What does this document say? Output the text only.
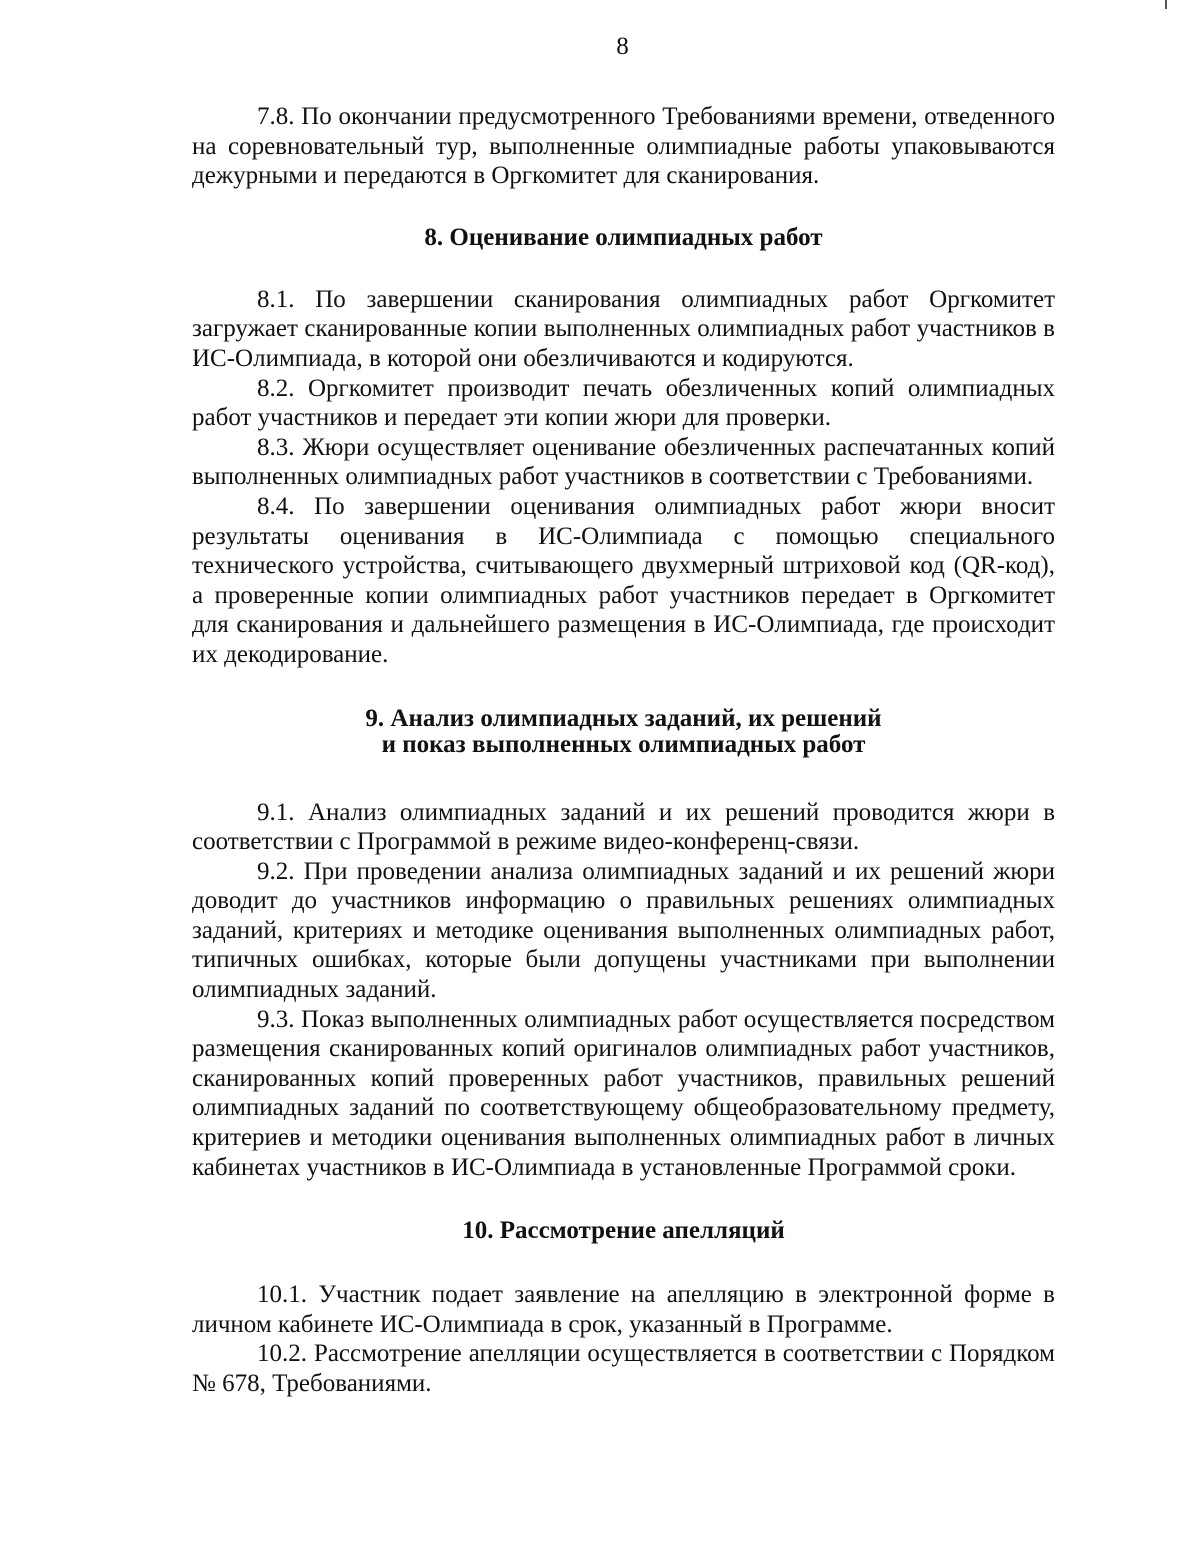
8

7.8. По окончании предусмотренного Требованиями времени, отведенного на соревновательный тур, выполненные олимпиадные работы упаковываются дежурными и передаются в Оргкомитет для сканирования.

8. Оценивание олимпиадных работ

8.1. По завершении сканирования олимпиадных работ Оргкомитет загружает сканированные копии выполненных олимпиадных работ участников в ИС-Олимпиада, в которой они обезличиваются и кодируются.

8.2. Оргкомитет производит печать обезличенных копий олимпиадных работ участников и передает эти копии жюри для проверки.

8.3. Жюри осуществляет оценивание обезличенных распечатанных копий выполненных олимпиадных работ участников в соответствии с Требованиями.

8.4. По завершении оценивания олимпиадных работ жюри вносит результаты оценивания в ИС-Олимпиада с помощью специального технического устройства, считывающего двухмерный штриховой код (QR-код), а проверенные копии олимпиадных работ участников передает в Оргкомитет для сканирования и дальнейшего размещения в ИС-Олимпиада, где происходит их декодирование.

9. Анализ олимпиадных заданий, их решений
и показ выполненных олимпиадных работ

9.1. Анализ олимпиадных заданий и их решений проводится жюри в соответствии с Программой в режиме видео-конференц-связи.

9.2. При проведении анализа олимпиадных заданий и их решений жюри доводит до участников информацию о правильных решениях олимпиадных заданий, критериях и методике оценивания выполненных олимпиадных работ, типичных ошибках, которые были допущены участниками при выполнении олимпиадных заданий.

9.3. Показ выполненных олимпиадных работ осуществляется посредством размещения сканированных копий оригиналов олимпиадных работ участников, сканированных копий проверенных работ участников, правильных решений олимпиадных заданий по соответствующему общеобразовательному предмету, критериев и методики оценивания выполненных олимпиадных работ в личных кабинетах участников в ИС-Олимпиада в установленные Программой сроки.

10. Рассмотрение апелляций

10.1. Участник подает заявление на апелляцию в электронной форме в личном кабинете ИС-Олимпиада в срок, указанный в Программе.

10.2. Рассмотрение апелляции осуществляется в соответствии с Порядком № 678, Требованиями.
